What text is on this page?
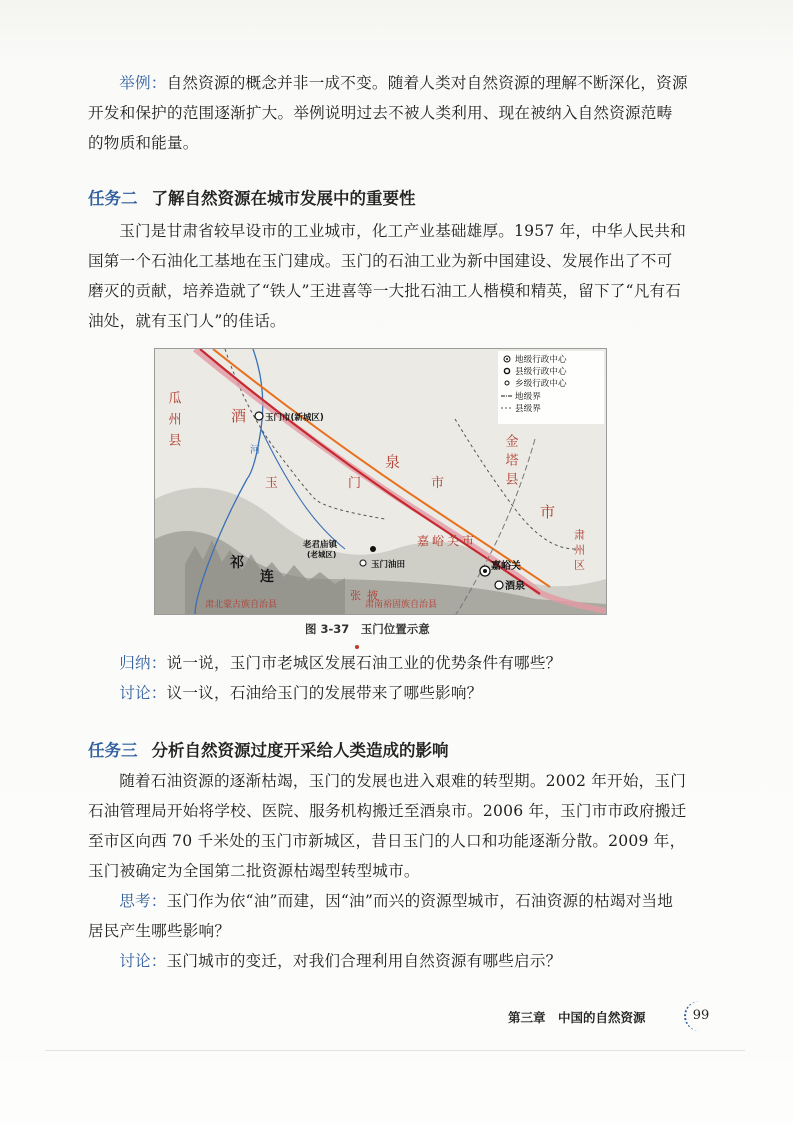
举例：自然资源的概念并非一成不变。随着人类对自然资源的理解不断深化，资源开发和保护的范围逐渐扩大。举例说明过去不被人类利用、现在被纳入自然资源范畴的物质和能量。

任务二 了解自然资源在城市发展中的重要性

玉门是甘肃省较早设市的工业城市，化工产业基础雄厚。1957 年，中华人民共和国第一个石油化工基地在玉门建成。玉门的石油工业为新中国建设、发展作出了不可磨灭的贡献，培养造就了“铁人”王进喜等一大批石油工人楷模和精英，留下了“凡有石油处，就有玉门人”的佳话。

地级行政中心
县级行政中心
乡级行政中心
地级界
县级界
瓜州县	酒
泉	金塔县
市
玉门市
嘉峪关市	肃州区
河
肃北蒙古族自治县	肃南裕固族自治县
张 掖
玉门市(新城区)
老君庙镇
(老城区)
玉门油田	嘉峪关
酒泉
祁
连
图 3-37　玉门位置示意

归纳：说一说，玉门市老城区发展石油工业的优势条件有哪些？

讨论：议一议，石油给玉门的发展带来了哪些影响？

任务三 分析自然资源过度开采给人类造成的影响

随着石油资源的逐渐枯竭，玉门的发展也进入艰难的转型期。2002 年开始，玉门石油管理局开始将学校、医院、服务机构搬迁至酒泉市。2006 年，玉门市市政府搬迁至市区向西 70 千米处的玉门市新城区，昔日玉门的人口和功能逐渐分散。2009 年，玉门被确定为全国第二批资源枯竭型转型城市。

思考：玉门作为依“油”而建，因“油”而兴的资源型城市，石油资源的枯竭对当地居民产生哪些影响？

讨论：玉门城市的变迁，对我们合理利用自然资源有哪些启示？

第三章　中国的自然资源	99
